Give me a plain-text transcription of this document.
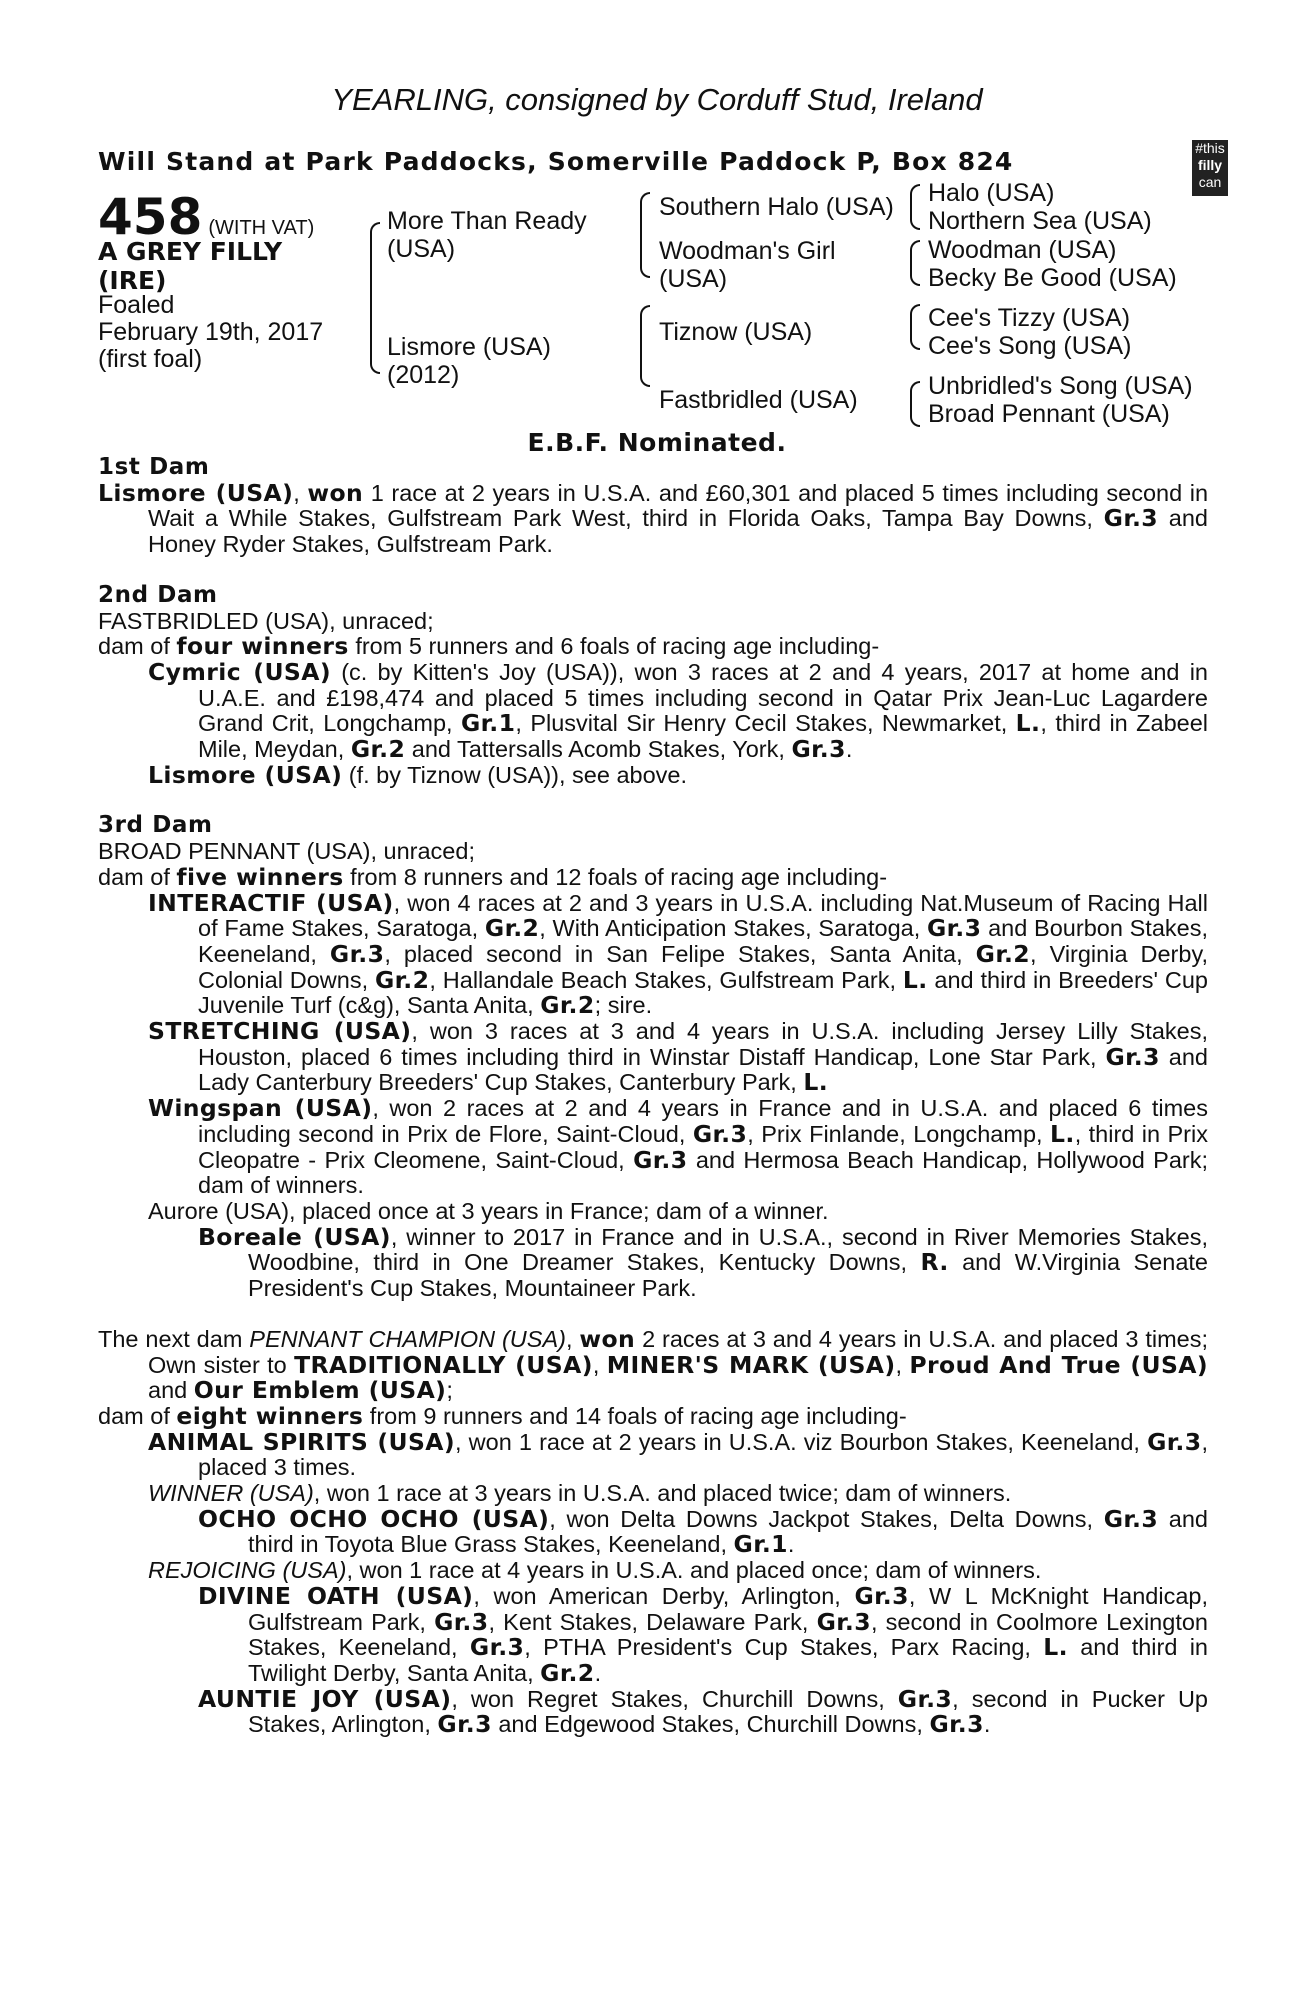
YEARLING, consigned by Corduff Stud, Ireland
Will Stand at Park Paddocks, Somerville Paddock P, Box 824	#this
filly
can
458 (WITH VAT)
A GREY FILLY
(IRE)
Foaled
February 19th, 2017
(first foal)
More Than Ready
(USA)
Lismore (USA)
(2012)
Southern Halo (USA)
Woodman's Girl
(USA)
Tiznow (USA)
Fastbridled (USA)
Halo (USA)
Northern Sea (USA)
Woodman (USA)
Becky Be Good (USA)
Cee's Tizzy (USA)
Cee's Song (USA)
Unbridled's Song (USA)
Broad Pennant (USA)
E.B.F. Nominated.
1st Dam
Lismore (USA), won 1 race at 2 years in U.S.A. and £60,301 and placed 5 times including second in Wait a While Stakes, Gulfstream Park West, third in Florida Oaks, Tampa Bay Downs, Gr.3 and Honey Ryder Stakes, Gulfstream Park.
2nd Dam
FASTBRIDLED (USA), unraced;
dam of four winners from 5 runners and 6 foals of racing age including-
Cymric (USA) (c. by Kitten's Joy (USA)), won 3 races at 2 and 4 years, 2017 at home and in U.A.E. and £198,474 and placed 5 times including second in Qatar Prix Jean-Luc Lagardere Grand Crit, Longchamp, Gr.1, Plusvital Sir Henry Cecil Stakes, Newmarket, L., third in Zabeel Mile, Meydan, Gr.2 and Tattersalls Acomb Stakes, York, Gr.3.
Lismore (USA) (f. by Tiznow (USA)), see above.
3rd Dam
BROAD PENNANT (USA), unraced;
dam of five winners from 8 runners and 12 foals of racing age including-
INTERACTIF (USA), won 4 races at 2 and 3 years in U.S.A. including Nat.Museum of Racing Hall of Fame Stakes, Saratoga, Gr.2, With Anticipation Stakes, Saratoga, Gr.3 and Bourbon Stakes, Keeneland, Gr.3, placed second in San Felipe Stakes, Santa Anita, Gr.2, Virginia Derby, Colonial Downs, Gr.2, Hallandale Beach Stakes, Gulfstream Park, L. and third in Breeders' Cup Juvenile Turf (c&g), Santa Anita, Gr.2; sire.
STRETCHING (USA), won 3 races at 3 and 4 years in U.S.A. including Jersey Lilly Stakes, Houston, placed 6 times including third in Winstar Distaff Handicap, Lone Star Park, Gr.3 and Lady Canterbury Breeders' Cup Stakes, Canterbury Park, L.
Wingspan (USA), won 2 races at 2 and 4 years in France and in U.S.A. and placed 6 times including second in Prix de Flore, Saint-Cloud, Gr.3, Prix Finlande, Longchamp, L., third in Prix Cleopatre - Prix Cleomene, Saint-Cloud, Gr.3 and Hermosa Beach Handicap, Hollywood Park; dam of winners.
Aurore (USA), placed once at 3 years in France; dam of a winner.
Boreale (USA), winner to 2017 in France and in U.S.A., second in River Memories Stakes, Woodbine, third in One Dreamer Stakes, Kentucky Downs, R. and W.Virginia Senate President's Cup Stakes, Mountaineer Park.
The next dam PENNANT CHAMPION (USA), won 2 races at 3 and 4 years in U.S.A. and placed 3 times; Own sister to TRADITIONALLY (USA), MINER'S MARK (USA), Proud And True (USA) and Our Emblem (USA);
dam of eight winners from 9 runners and 14 foals of racing age including-
ANIMAL SPIRITS (USA), won 1 race at 2 years in U.S.A. viz Bourbon Stakes, Keeneland, Gr.3, placed 3 times.
WINNER (USA), won 1 race at 3 years in U.S.A. and placed twice; dam of winners.
OCHO OCHO OCHO (USA), won Delta Downs Jackpot Stakes, Delta Downs, Gr.3 and third in Toyota Blue Grass Stakes, Keeneland, Gr.1.
REJOICING (USA), won 1 race at 4 years in U.S.A. and placed once; dam of winners.
DIVINE OATH (USA), won American Derby, Arlington, Gr.3, W L McKnight Handicap, Gulfstream Park, Gr.3, Kent Stakes, Delaware Park, Gr.3, second in Coolmore Lexington Stakes, Keeneland, Gr.3, PTHA President's Cup Stakes, Parx Racing, L. and third in Twilight Derby, Santa Anita, Gr.2.
AUNTIE JOY (USA), won Regret Stakes, Churchill Downs, Gr.3, second in Pucker Up Stakes, Arlington, Gr.3 and Edgewood Stakes, Churchill Downs, Gr.3.
